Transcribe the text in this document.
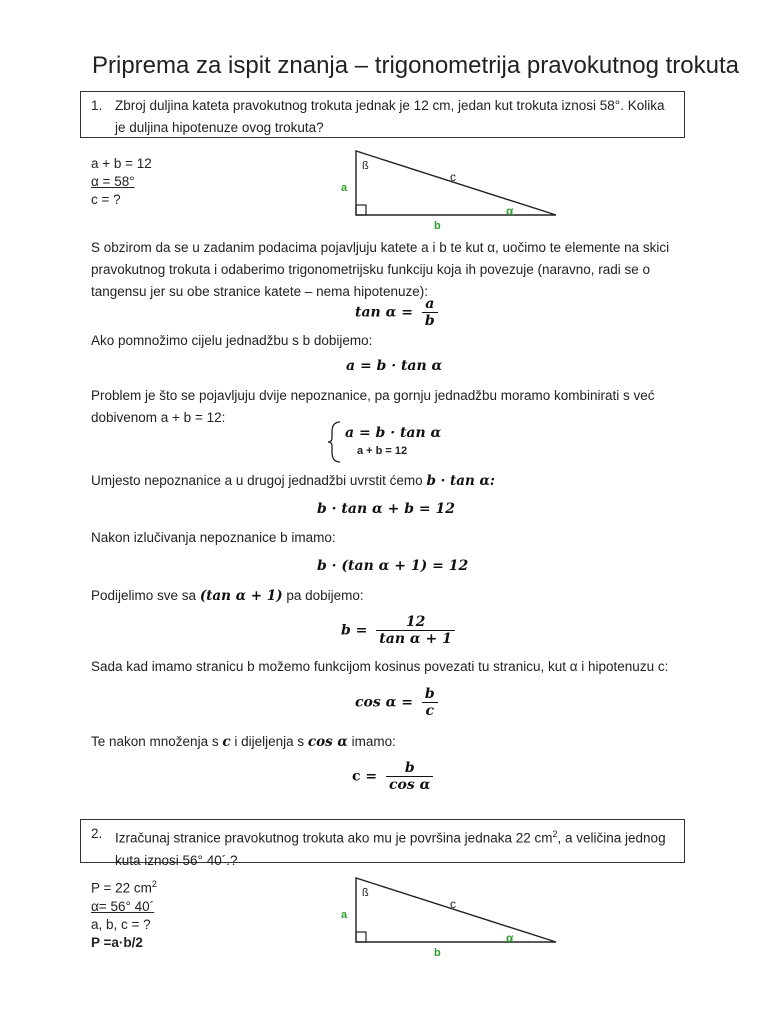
Priprema za ispit znanja – trigonometrija pravokutnog trokuta
1. Zbroj duljina kateta pravokutnog trokuta jednak je 12 cm, jedan kut trokuta iznosi 58°. Kolika je duljina hipotenuze ovog trokuta?
a + b = 12
α = 58°
c = ?
ß
c
a
b
α
S obzirom da se u zadanim podacima pojavljuju katete a i b te kut α, uočimo te elemente na skici pravokutnog trokuta i odaberimo trigonometrijsku funkciju koja ih povezuje (naravno, radi se o tangensu jer su obe stranice katete – nema hipotenuze):
$\tan \alpha = \frac{a}{b}$
Ako pomnožimo cijelu jednadžbu s b dobijemo:
a = b · tan α
Problem je što se pojavljuju dvije nepoznanice, pa gornju jednadžbu moramo kombinirati s već dobivenom a + b = 12:
a = b · tan α
a + b = 12
Umjesto nepoznanice a u drugoj jednadžbi uvrstit ćemo b · tan α:
b · tan α + b = 12
Nakon izlučivanja nepoznanice b imamo:
b · (tan α + 1) = 12
Podijelimo sve sa (tan α + 1) pa dobijemo:
$b = \frac{12}{\text{tan α + 1}}$
Sada kad imamo stranicu b možemo funkcijom kosinus povezati tu stranicu, kut α i hipotenuzu c:
$\cos \alpha = \frac{b}{c}$
Te nakon množenja s c i dijeljenja s cos α imamo:
$c = \frac{b}{\text{cos α}}$
2. Izračunaj stranice pravokutnog trokuta ako mu je površina jednaka 22 $cm^2$, a veličina jednog kuta iznosi 56° 40´.?
P = 22 $cm^2$
α= 56° 40´
a, b, c = ?
P =a·b/2
ß
c
a
b
α
